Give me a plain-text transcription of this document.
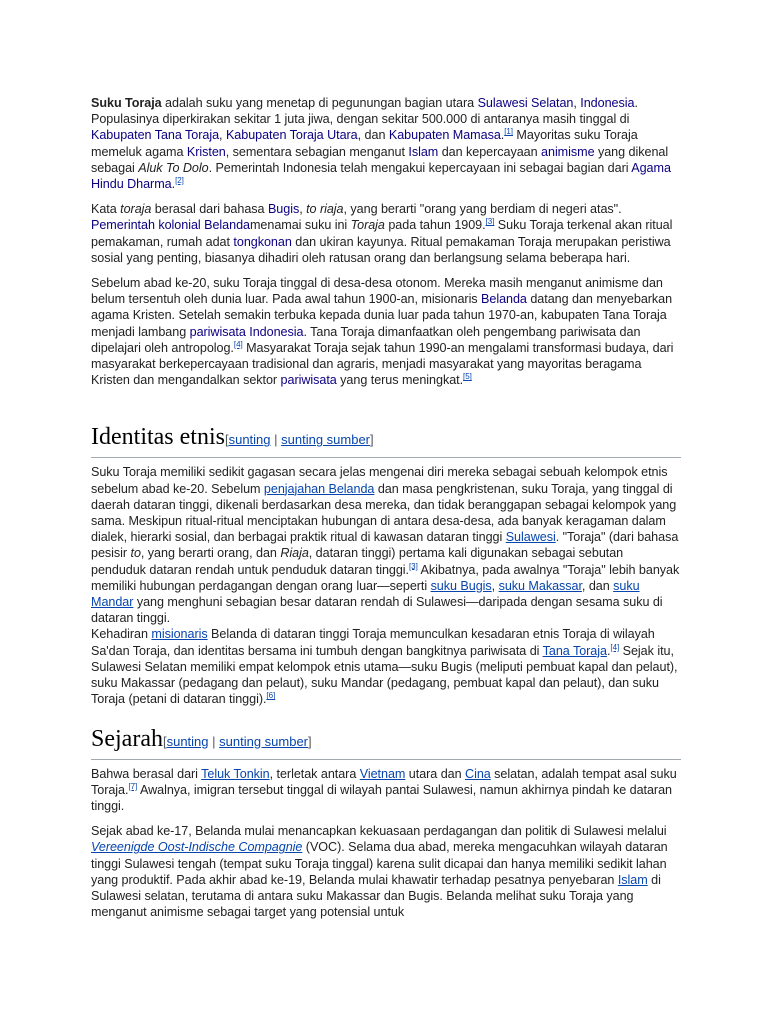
Suku Toraja adalah suku yang menetap di pegunungan bagian utara Sulawesi Selatan, Indonesia. Populasinya diperkirakan sekitar 1 juta jiwa, dengan sekitar 500.000 di antaranya masih tinggal di Kabupaten Tana Toraja, Kabupaten Toraja Utara, dan Kabupaten Mamasa.[1] Mayoritas suku Toraja memeluk agama Kristen, sementara sebagian menganut Islam dan kepercayaan animisme yang dikenal sebagai Aluk To Dolo. Pemerintah Indonesia telah mengakui kepercayaan ini sebagai bagian dari Agama Hindu Dharma.[2]

Kata toraja berasal dari bahasa Bugis, to riaja, yang berarti "orang yang berdiam di negeri atas". Pemerintah kolonial Belandamenamai suku ini Toraja pada tahun 1909.[3] Suku Toraja terkenal akan ritual pemakaman, rumah adat tongkonan dan ukiran kayunya. Ritual pemakaman Toraja merupakan peristiwa sosial yang penting, biasanya dihadiri oleh ratusan orang dan berlangsung selama beberapa hari.

Sebelum abad ke-20, suku Toraja tinggal di desa-desa otonom. Mereka masih menganut animisme dan belum tersentuh oleh dunia luar. Pada awal tahun 1900-an, misionaris Belanda datang dan menyebarkan agama Kristen. Setelah semakin terbuka kepada dunia luar pada tahun 1970-an, kabupaten Tana Toraja menjadi lambang pariwisata Indonesia. Tana Toraja dimanfaatkan oleh pengembang pariwisata dan dipelajari oleh antropolog.[4] Masyarakat Toraja sejak tahun 1990-an mengalami transformasi budaya, dari masyarakat berkepercayaan tradisional dan agraris, menjadi masyarakat yang mayoritas beragama Kristen dan mengandalkan sektor pariwisata yang terus meningkat.[5]

Identitas etnis[sunting | sunting sumber]

Suku Toraja memiliki sedikit gagasan secara jelas mengenai diri mereka sebagai sebuah kelompok etnis sebelum abad ke-20. Sebelum penjajahan Belanda dan masa pengkristenan, suku Toraja, yang tinggal di daerah dataran tinggi, dikenali berdasarkan desa mereka, dan tidak beranggapan sebagai kelompok yang sama. Meskipun ritual-ritual menciptakan hubungan di antara desa-desa, ada banyak keragaman dalam dialek, hierarki sosial, dan berbagai praktik ritual di kawasan dataran tinggi Sulawesi. "Toraja" (dari bahasa pesisir to, yang berarti orang, dan Riaja, dataran tinggi) pertama kali digunakan sebagai sebutan penduduk dataran rendah untuk penduduk dataran tinggi.[3] Akibatnya, pada awalnya "Toraja" lebih banyak memiliki hubungan perdagangan dengan orang luar—seperti suku Bugis, suku Makassar, dan suku Mandar yang menghuni sebagian besar dataran rendah di Sulawesi—daripada dengan sesama suku di dataran tinggi.

Kehadiran misionaris Belanda di dataran tinggi Toraja memunculkan kesadaran etnis Toraja di wilayah Sa'dan Toraja, dan identitas bersama ini tumbuh dengan bangkitnya pariwisata di Tana Toraja.[4] Sejak itu, Sulawesi Selatan memiliki empat kelompok etnis utama—suku Bugis (meliputi pembuat kapal dan pelaut), suku Makassar (pedagang dan pelaut), suku Mandar (pedagang, pembuat kapal dan pelaut), dan suku Toraja (petani di dataran tinggi).[6]

Sejarah[sunting | sunting sumber]

Bahwa berasal dari Teluk Tonkin, terletak antara Vietnam utara dan Cina selatan, adalah tempat asal suku Toraja.[7] Awalnya, imigran tersebut tinggal di wilayah pantai Sulawesi, namun akhirnya pindah ke dataran tinggi.

Sejak abad ke-17, Belanda mulai menancapkan kekuasaan perdagangan dan politik di Sulawesi melalui Vereenigde Oost-Indische Compagnie (VOC). Selama dua abad, mereka mengacuhkan wilayah dataran tinggi Sulawesi tengah (tempat suku Toraja tinggal) karena sulit dicapai dan hanya memiliki sedikit lahan yang produktif. Pada akhir abad ke-19, Belanda mulai khawatir terhadap pesatnya penyebaran Islam di Sulawesi selatan, terutama di antara suku Makassar dan Bugis. Belanda melihat suku Toraja yang menganut animisme sebagai target yang potensial untuk
